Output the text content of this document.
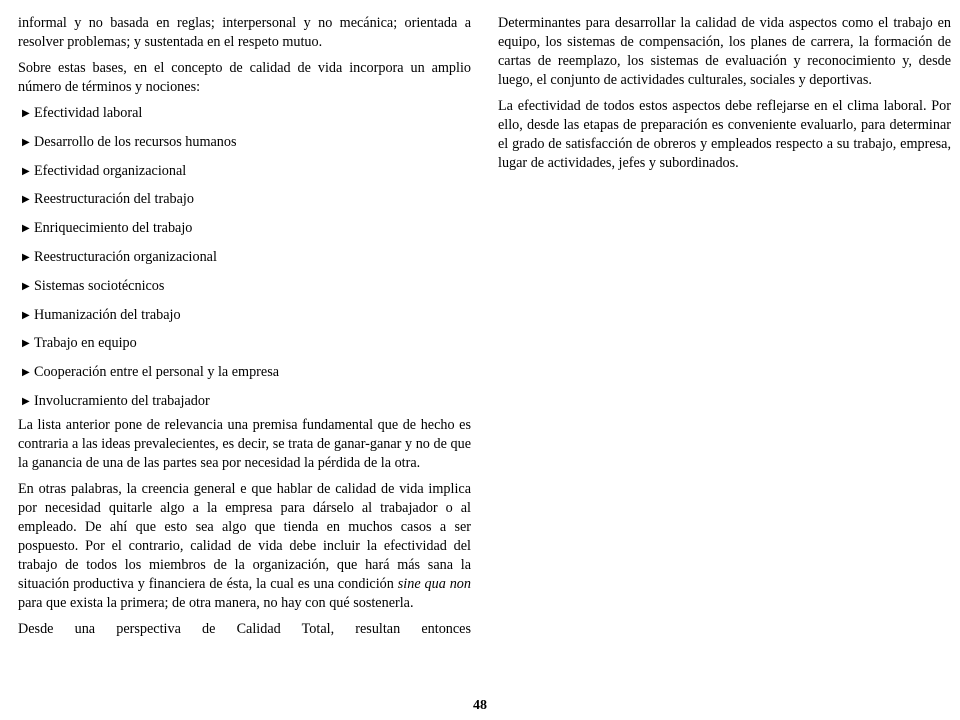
informal y no basada en reglas; interpersonal y no mecánica; orientada a resolver problemas; y sustentada en el respeto mutuo.

Sobre estas bases, en el concepto de calidad de vida incorpora un amplio número de términos y nociones:

▶ Efectividad laboral
▶ Desarrollo de los recursos humanos
▶ Efectividad organizacional
▶ Reestructuración del trabajo
▶ Enriquecimiento del trabajo
▶ Reestructuración organizacional
▶ Sistemas sociotécnicos
▶ Humanización del trabajo
▶ Trabajo en equipo
▶ Cooperación entre el personal y la empresa
▶ Involucramiento del trabajador

La lista anterior pone de relevancia una premisa fundamental que de hecho es contraria a las ideas prevalecientes, es decir, se trata de ganar-ganar y no de que la ganancia de una de las partes sea por necesidad la pérdida de la otra.

En otras palabras, la creencia general e que hablar de calidad de vida implica por necesidad quitarle algo a la empresa para dárselo al trabajador o al empleado. De ahí que esto sea algo que tienda en muchos casos a ser pospuesto. Por el contrario, calidad de vida debe incluir la efectividad del trabajo de todos los miembros de la organización, que hará más sana la situación productiva y financiera de ésta, la cual es una condición sine qua non para que exista la primera; de otra manera, no hay con qué sostenerla.

Desde una perspectiva de Calidad Total, resultan entonces

Determinantes para desarrollar la calidad de vida aspectos como el trabajo en equipo, los sistemas de compensación, los planes de carrera, la formación de cartas de reemplazo, los sistemas de evaluación y reconocimiento y, desde luego, el conjunto de actividades culturales, sociales y deportivas.

La efectividad de todos estos aspectos debe reflejarse en el clima laboral. Por ello, desde las etapas de preparación es conveniente evaluarlo, para determinar el grado de satisfacción de obreros y empleados respecto a su trabajo, empresa, lugar de actividades, jefes y subordinados.

48
